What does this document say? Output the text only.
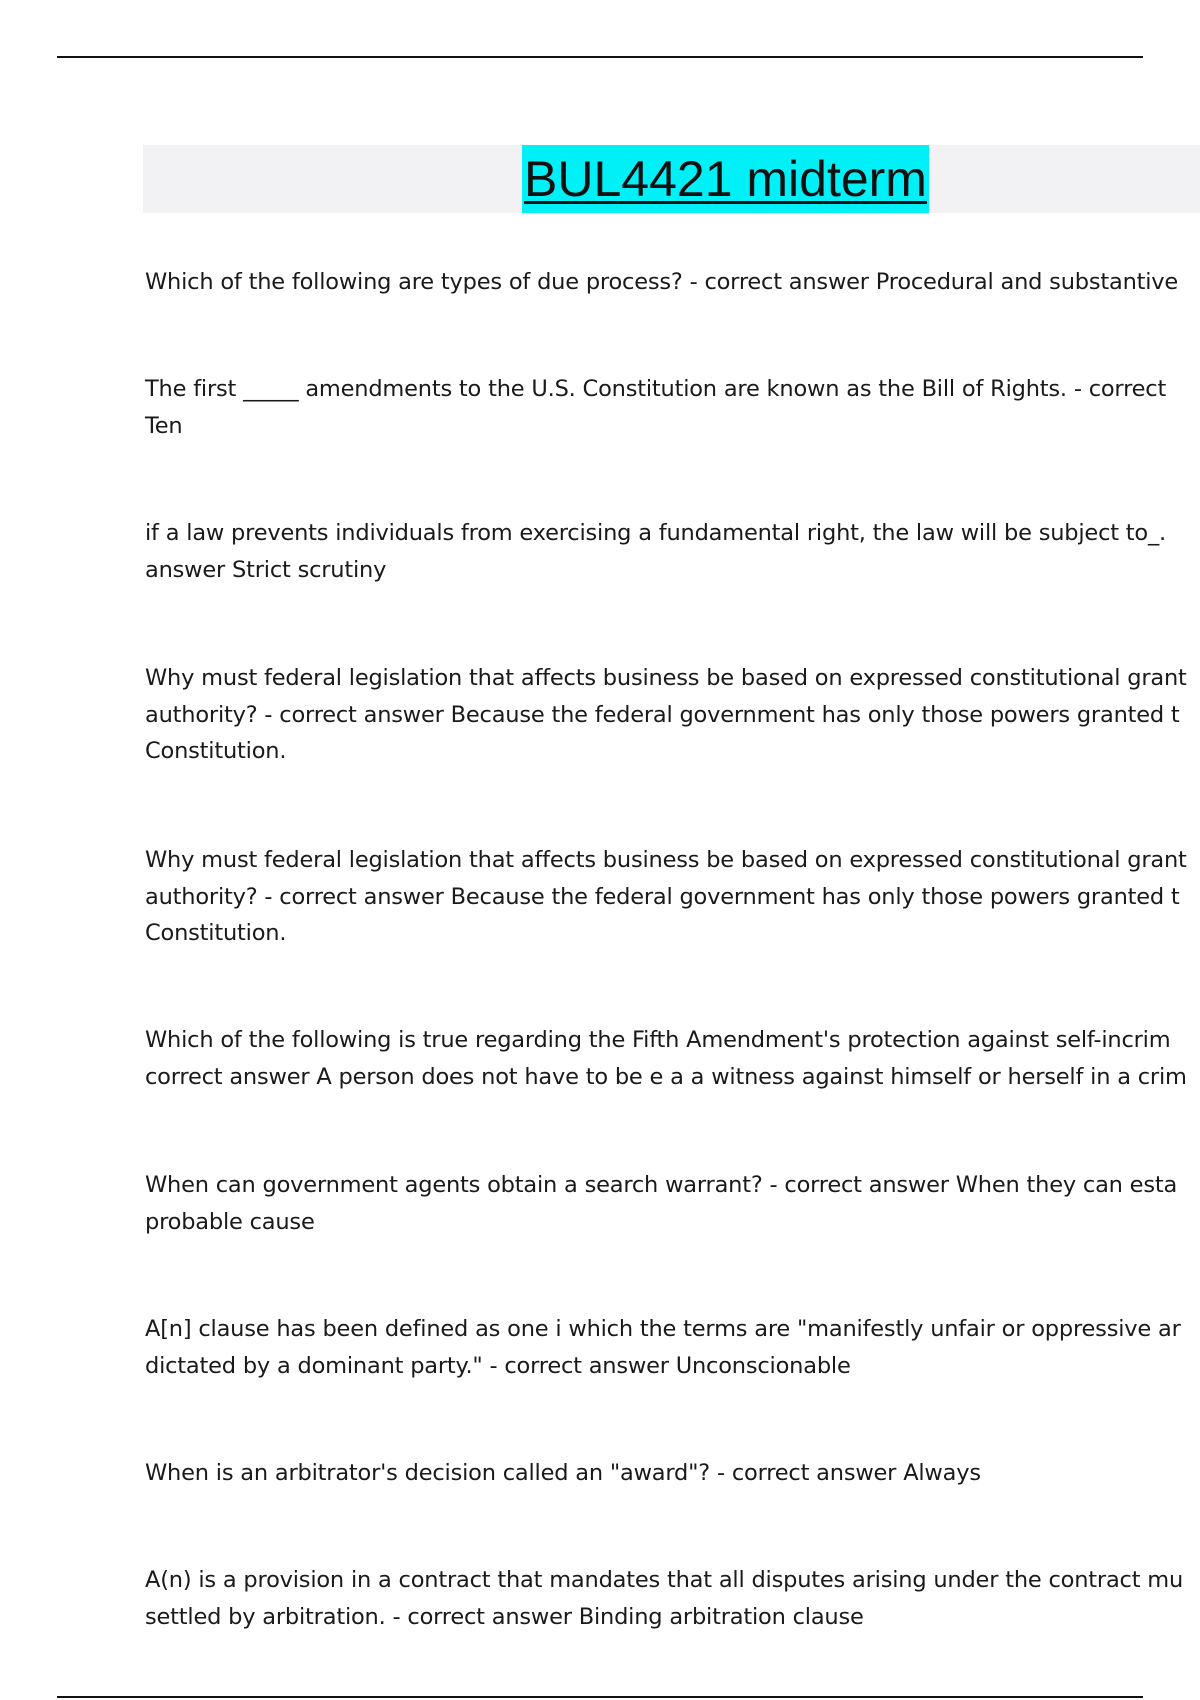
BUL4421 midterm
Which of the following are types of due process? - correct answer Procedural and substantive
The first _____ amendments to the U.S. Constitution are known as the Bill of Rights. - correct
Ten
if a law prevents individuals from exercising a fundamental right, the law will be subject to_.
answer Strict scrutiny
Why must federal legislation that affects business be based on expressed constitutional grant
authority? - correct answer Because the federal government has only those powers granted t
Constitution.
Why must federal legislation that affects business be based on expressed constitutional grant
authority? - correct answer Because the federal government has only those powers granted t
Constitution.
Which of the following is true regarding the Fifth Amendment's protection against self-incrim
correct answer A person does not have to be e a a witness against himself or herself in a crim
When can government agents obtain a search warrant? - correct answer When they can esta
probable cause
A[n] clause has been defined as one i which the terms are "manifestly unfair or oppressive ar
dictated by a dominant party." - correct answer Unconscionable
When is an arbitrator's decision called an "award"? - correct answer Always
A(n) is a provision in a contract that mandates that all disputes arising under the contract mu
settled by arbitration. - correct answer Binding arbitration clause
